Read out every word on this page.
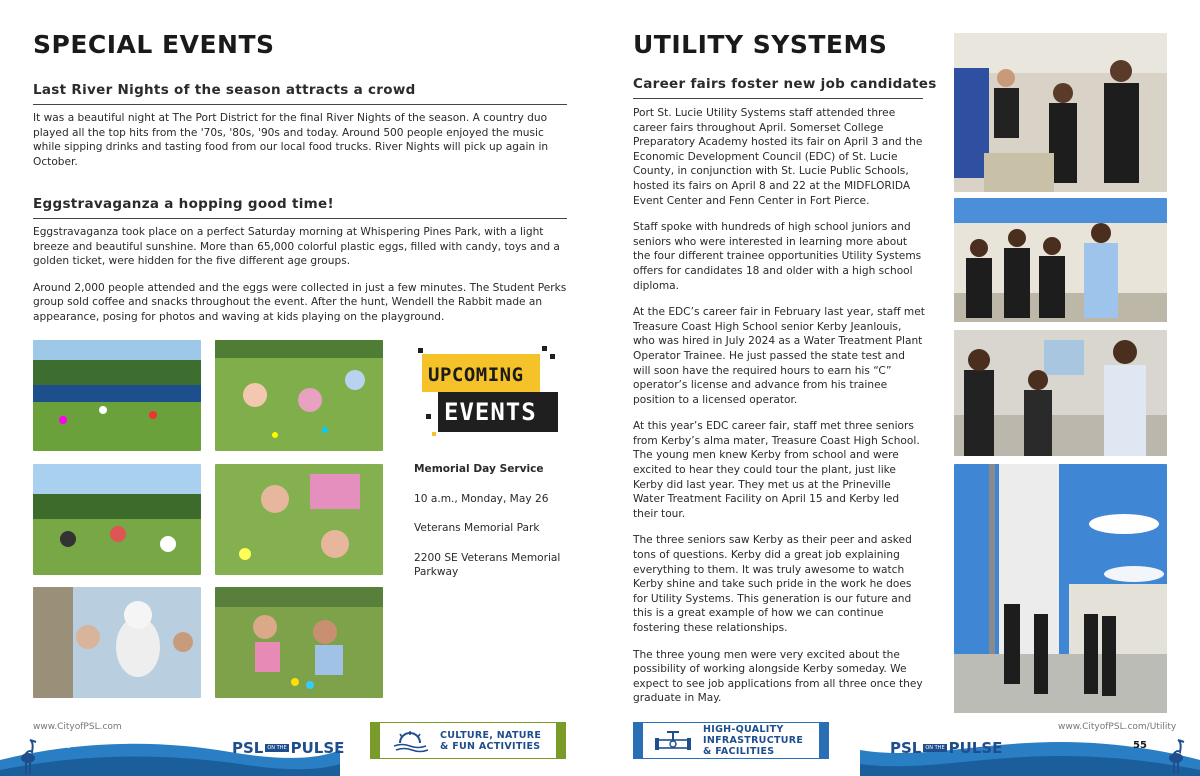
SPECIAL EVENTS
Last River Nights of the season attracts a crowd

It was a beautiful night at The Port District for the final River Nights of the season. A country duo played all the top hits from the '70s, '80s, '90s and today. Around 500 people enjoyed the music while sipping drinks and tasting food from our local food trucks. River Nights will pick up again in October.

Eggstravaganza a hopping good time!

Eggstravaganza took place on a perfect Saturday morning at Whispering Pines Park, with a light breeze and beautiful sunshine. More than 65,000 colorful plastic eggs, filled with candy, toys and a golden ticket, were hidden for the five different age groups.

Around 2,000 people attended and the eggs were collected in just a few minutes. The Student Perks group sold coffee and snacks throughout the event. After the hunt, Wendell the Rabbit made an appearance, posing for photos and waving at kids playing on the playground.

UPCOMING
EVENTS
Memorial Day Service
10 a.m., Monday, May 26
Veterans Memorial Park
2200 SE Veterans Memorial Parkway
UTILITY SYSTEMS
Career fairs foster new job candidates

Port St. Lucie Utility Systems staff attended three career fairs throughout April. Somerset College Preparatory Academy hosted its fair on April 3 and the Economic Development Council (EDC) of St. Lucie County, in conjunction with St. Lucie Public Schools, hosted its fairs on April 8 and 22 at the MIDFLORIDA Event Center and Fenn Center in Fort Pierce.

Staff spoke with hundreds of high school juniors and seniors who were interested in learning more about the four different trainee opportunities Utility Systems offers for candidates 18 and older with a high school diploma.

At the EDC’s career fair in February last year, staff met Treasure Coast High School senior Kerby Jeanlouis, who was hired in July 2024 as a Water Treatment Plant Operator Trainee. He just passed the state test and will soon have the required hours to earn his “C” operator’s license and advance from his trainee position to a licensed operator.

At this year’s EDC career fair, staff met three seniors from Kerby’s alma mater, Treasure Coast High School. The young men knew Kerby from school and were excited to hear they could tour the plant, just like Kerby did last year. They met us at the Prineville Water Treatment Facility on April 15 and Kerby led their tour.

The three seniors saw Kerby as their peer and asked tons of questions. Kerby did a great job explaining everything to them. It was truly awesome to watch Kerby shine and take such pride in the work he does for Utility Systems. This generation is our future and this is a great example of how we can continue fostering these relationships.

The three young men were very excited about the possibility of working alongside Kerby someday. We expect to see job applications from all three once they graduate in May.

www.CityofPSL.com	www.CityofPSL.com/Utility
54	55
PSL ON THE PULSE	PSL ON THE PULSE
CULTURE, NATURE & FUN ACTIVITIES
HIGH-QUALITY INFRASTRUCTURE & FACILITIES
